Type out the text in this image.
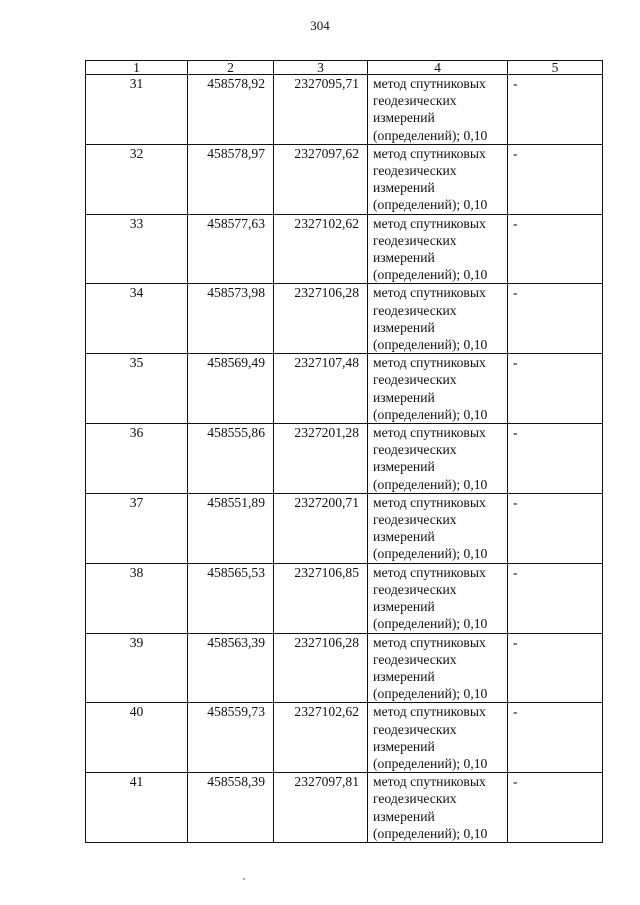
304
1	2	3	4	5
31	458578,92	2327095,71	метод спутниковых
геодезических
измерений
(определений); 0,10	-
32	458578,97	2327097,62	метод спутниковых
геодезических
измерений
(определений); 0,10	-
33	458577,63	2327102,62	метод спутниковых
геодезических
измерений
(определений); 0,10	-
34	458573,98	2327106,28	метод спутниковых
геодезических
измерений
(определений); 0,10	-
35	458569,49	2327107,48	метод спутниковых
геодезических
измерений
(определений); 0,10	-
36	458555,86	2327201,28	метод спутниковых
геодезических
измерений
(определений); 0,10	-
37	458551,89	2327200,71	метод спутниковых
геодезических
измерений
(определений); 0,10	-
38	458565,53	2327106,85	метод спутниковых
геодезических
измерений
(определений); 0,10	-
39	458563,39	2327106,28	метод спутниковых
геодезических
измерений
(определений); 0,10	-
40	458559,73	2327102,62	метод спутниковых
геодезических
измерений
(определений); 0,10	-
41	458558,39	2327097,81	метод спутниковых
геодезических
измерений
(определений); 0,10	-
